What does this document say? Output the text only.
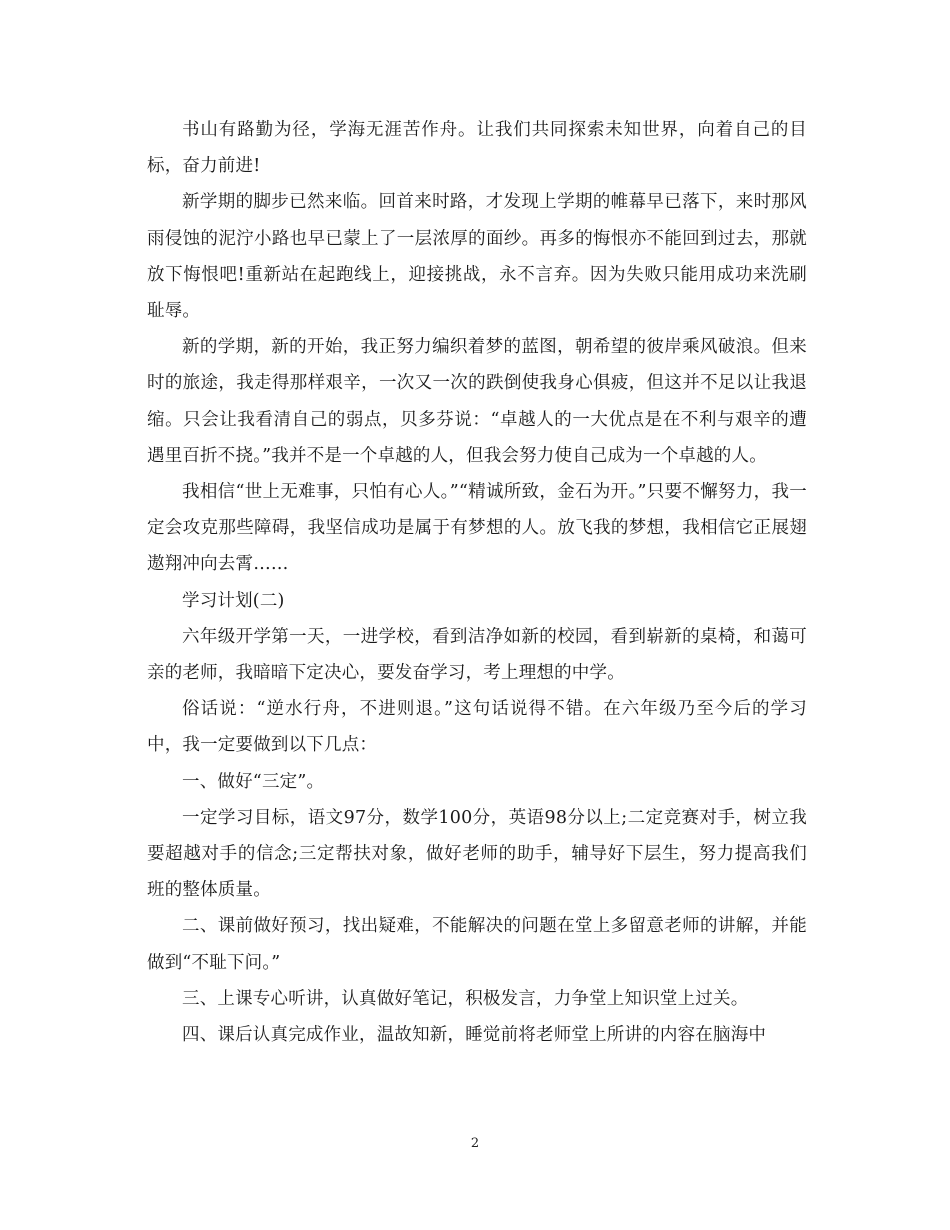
书山有路勤为径，学海无涯苦作舟。让我们共同探索未知世界，向着自己的目标，奋力前进!

新学期的脚步已然来临。回首来时路，才发现上学期的帷幕早已落下，来时那风雨侵蚀的泥泞小路也早已蒙上了一层浓厚的面纱。再多的悔恨亦不能回到过去，那就放下悔恨吧!重新站在起跑线上，迎接挑战，永不言弃。因为失败只能用成功来洗刷耻辱。

新的学期，新的开始，我正努力编织着梦的蓝图，朝希望的彼岸乘风破浪。但来时的旅途，我走得那样艰辛，一次又一次的跌倒使我身心俱疲，但这并不足以让我退缩。只会让我看清自己的弱点，贝多芬说：“卓越人的一大优点是在不利与艰辛的遭遇里百折不挠。”我并不是一个卓越的人，但我会努力使自己成为一个卓越的人。

我相信“世上无难事，只怕有心人。”“精诚所致，金石为开。”只要不懈努力，我一定会攻克那些障碍，我坚信成功是属于有梦想的人。放飞我的梦想，我相信它正展翅遨翔冲向去霄……

学习计划(二)

六年级开学第一天，一进学校，看到洁净如新的校园，看到崭新的桌椅，和蔼可亲的老师，我暗暗下定决心，要发奋学习，考上理想的中学。

俗话说：“逆水行舟，不进则退。”这句话说得不错。在六年级乃至今后的学习中，我一定要做到以下几点：

一、做好“三定”。

一定学习目标，语文97分，数学100分，英语98分以上;二定竞赛对手，树立我要超越对手的信念;三定帮扶对象，做好老师的助手，辅导好下层生，努力提高我们班的整体质量。

二、课前做好预习，找出疑难，不能解决的问题在堂上多留意老师的讲解，并能做到“不耻下问。”

三、上课专心听讲，认真做好笔记，积极发言，力争堂上知识堂上过关。

四、课后认真完成作业，温故知新，睡觉前将老师堂上所讲的内容在脑海中

2
